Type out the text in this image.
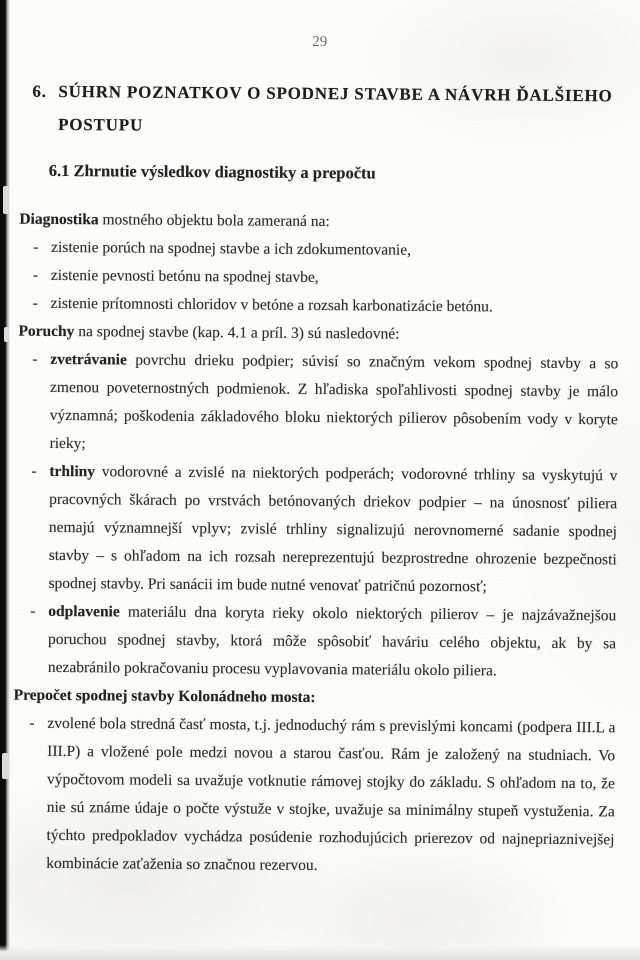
29
6. SÚHRN POZNATKOV O SPODNEJ STAVBE A NÁVRH ĎALŠIEHO
POSTUPU
6.1 Zhrnutie výsledkov diagnostiky a prepočtu

Diagnostika mostného objektu bola zameraná na:

- zistenie porúch na spodnej stavbe a ich zdokumentovanie,
- zistenie pevnosti betónu na spodnej stavbe,
- zistenie prítomnosti chloridov v betóne a rozsah karbonatizácie betónu.

Poruchy na spodnej stavbe (kap. 4.1 a príl. 3) sú nasledovné:

- zvetrávanie povrchu drieku podpier; súvisí so značným vekom spodnej stavby a so zmenou poveternostných podmienok. Z hľadiska spoľahlivosti spodnej stavby je málo významná; poškodenia základového bloku niektorých pilierov pôsobením vody v koryte rieky;
- trhliny vodorovné a zvislé na niektorých podperách; vodorovné trhliny sa vyskytujú v pracovných škárach po vrstvách betónovaných driekov podpier – na únosnosť piliera nemajú významnejší vplyv; zvislé trhliny signalizujú nerovnomerné sadanie spodnej stavby – s ohľadom na ich rozsah nereprezentujú bezprostredne ohrozenie bezpečnosti spodnej stavby. Pri sanácii im bude nutné venovať patričnú pozornosť;
- odplavenie materiálu dna koryta rieky okolo niektorých pilierov – je najzávažnejšou poruchou spodnej stavby, ktorá môže spôsobiť haváriu celého objektu, ak by sa nezabránilo pokračovaniu procesu vyplavovania materiálu okolo piliera.

Prepočet spodnej stavby Kolonádneho mosta:

- zvolené bola stredná časť mosta, t.j. jednoduchý rám s previslými koncami (podpera III.L a III.P) a vložené pole medzi novou a starou časťou. Rám je založený na studniach. Vo výpočtovom modeli sa uvažuje votknutie rámovej stojky do základu. S ohľadom na to, že nie sú známe údaje o počte výstuže v stojke, uvažuje sa minimálny stupeň vystuženia. Za týchto predpokladov vychádza posúdenie rozhodujúcich prierezov od najnepriaznivejšej kombinácie zaťaženia so značnou rezervou.
